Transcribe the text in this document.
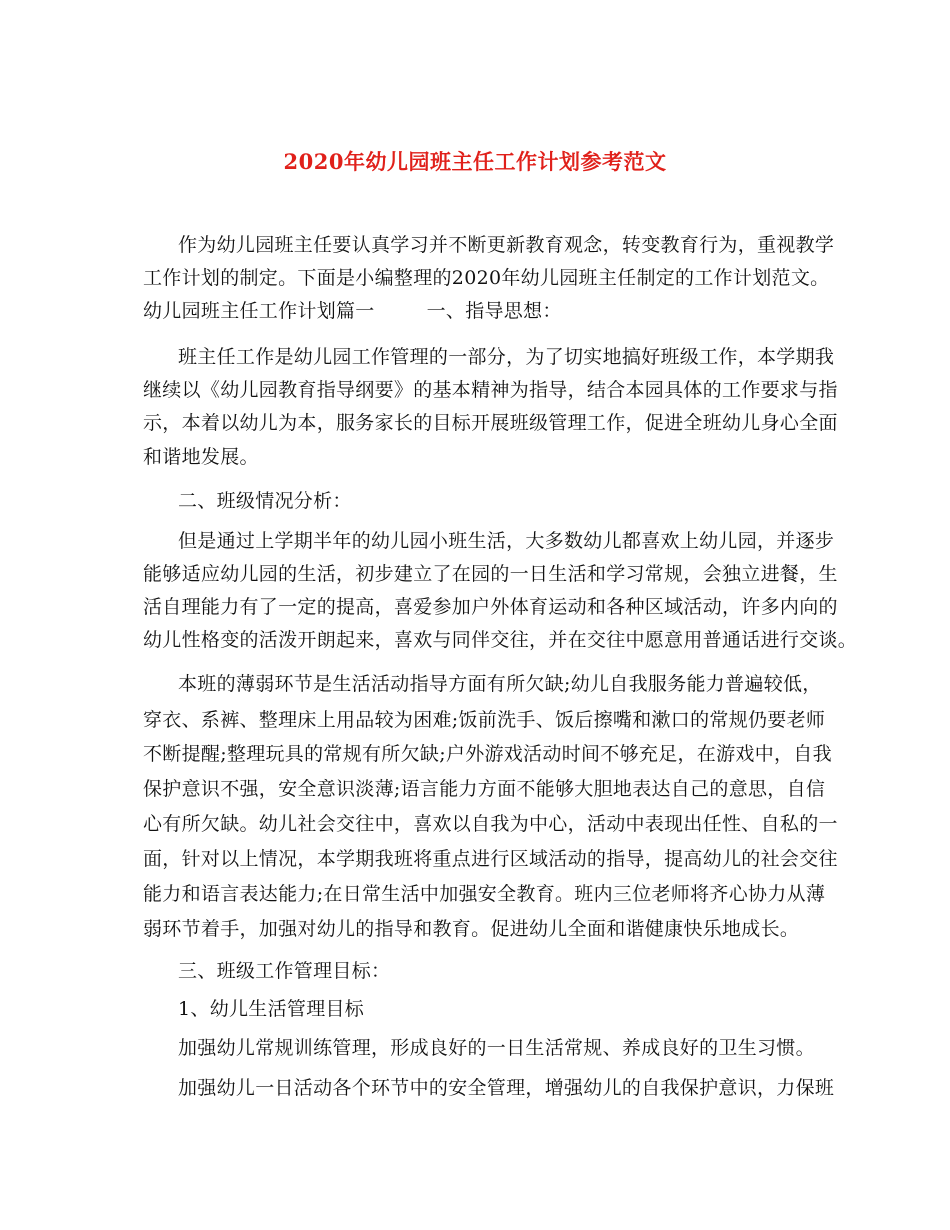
2020年幼儿园班主任工作计划参考范文
作为幼儿园班主任要认真学习并不断更新教育观念，转变教育行为，重视教学
工作计划的制定。下面是小编整理的2020年幼儿园班主任制定的工作计划范文。
幼儿园班主任工作计划篇一	一、指导思想：
班主任工作是幼儿园工作管理的一部分，为了切实地搞好班级工作，本学期我
继续以《幼儿园教育指导纲要》的基本精神为指导，结合本园具体的工作要求与指
示，本着以幼儿为本，服务家长的目标开展班级管理工作，促进全班幼儿身心全面
和谐地发展。
二、班级情况分析：
但是通过上学期半年的幼儿园小班生活，大多数幼儿都喜欢上幼儿园，并逐步
能够适应幼儿园的生活，初步建立了在园的一日生活和学习常规，会独立进餐，生
活自理能力有了一定的提高，喜爱参加户外体育运动和各种区域活动，许多内向的
幼儿性格变的活泼开朗起来，喜欢与同伴交往，并在交往中愿意用普通话进行交谈。
本班的薄弱环节是生活活动指导方面有所欠缺;幼儿自我服务能力普遍较低，
穿衣、系裤、整理床上用品较为困难;饭前洗手、饭后擦嘴和漱口的常规仍要老师
不断提醒;整理玩具的常规有所欠缺;户外游戏活动时间不够充足，在游戏中，自我
保护意识不强，安全意识淡薄;语言能力方面不能够大胆地表达自己的意思，自信
心有所欠缺。幼儿社会交往中，喜欢以自我为中心，活动中表现出任性、自私的一
面，针对以上情况，本学期我班将重点进行区域活动的指导，提高幼儿的社会交往
能力和语言表达能力;在日常生活中加强安全教育。班内三位老师将齐心协力从薄
弱环节着手，加强对幼儿的指导和教育。促进幼儿全面和谐健康快乐地成长。
三、班级工作管理目标：
1、幼儿生活管理目标
加强幼儿常规训练管理，形成良好的一日生活常规、养成良好的卫生习惯。
加强幼儿一日活动各个环节中的安全管理，增强幼儿的自我保护意识，力保班
